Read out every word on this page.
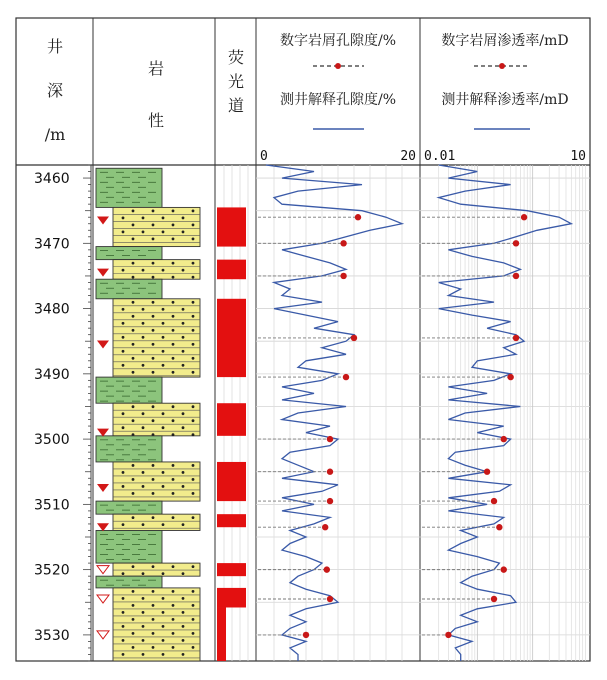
井
深
/m
岩
性
荧
光
道
数字岩屑孔隙度/%
测井解释孔隙度/%
0	20
数字岩屑渗透率/mD
测井解释渗透率/mD
0.01	10
3460
3470
3480
3490
3500
3510
3520
3530
